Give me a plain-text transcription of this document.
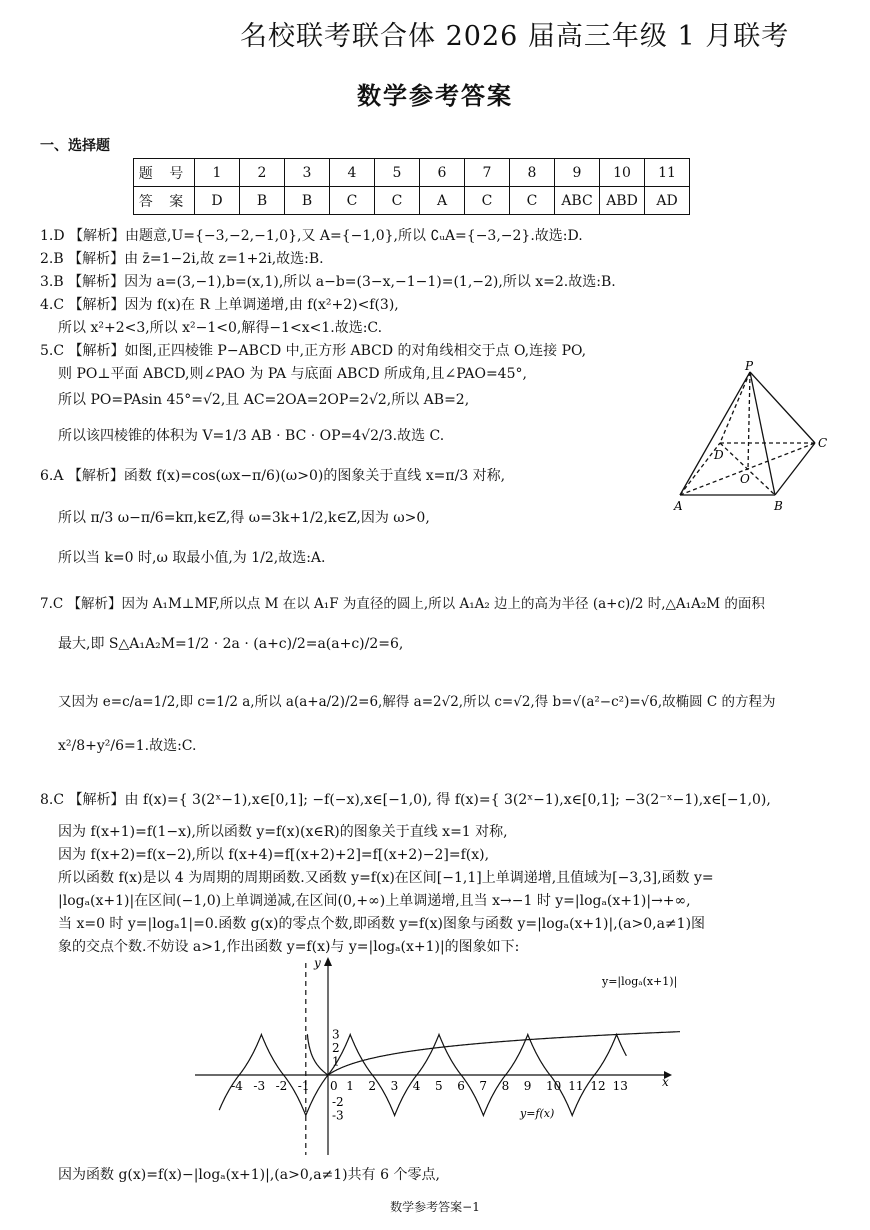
名校联考联合体 2026 届高三年级 1 月联考
数学参考答案
一、选择题
题 号	1	2	3	4	5	6	7	8	9	10	11
答 案	D	B	B	C	C	A	C	C	ABC	ABD	AD
1.D 【解析】由题意,U={−3,−2,−1,0},又 A={−1,0},所以 ∁ᵤA={−3,−2}.故选:D.
2.B 【解析】由 z̄=1−2i,故 z=1+2i,故选:B.
3.B 【解析】因为 a=(3,−1),b=(x,1),所以 a−b=(3−x,−1−1)=(1,−2),所以 x=2.故选:B.
4.C 【解析】因为 f(x)在 R 上单调递增,由 f(x²+2)<f(3),
所以 x²+2<3,所以 x²−1<0,解得−1<x<1.故选:C.
5.C 【解析】如图,正四棱锥 P−ABCD 中,正方形 ABCD 的对角线相交于点 O,连接 PO,
则 PO⊥平面 ABCD,则∠PAO 为 PA 与底面 ABCD 所成角,且∠PAO=45°,
所以 PO=PAsin 45°=√2,且 AC=2OA=2OP=2√2,所以 AB=2,
所以该四棱锥的体积为 V=1/3 AB · BC · OP=4√2/3.故选 C.
6.A 【解析】函数 f(x)=cos(ωx−π/6)(ω>0)的图象关于直线 x=π/3 对称,
所以 π/3 ω−π/6=kπ,k∈Z,得 ω=3k+1/2,k∈Z,因为 ω>0,
所以当 k=0 时,ω 取最小值,为 1/2,故选:A.
7.C 【解析】因为 A₁M⊥MF,所以点 M 在以 A₁F 为直径的圆上,所以 A₁A₂ 边上的高为半径 (a+c)/2 时,△A₁A₂M 的面积
最大,即 S△A₁A₂M=1/2 · 2a · (a+c)/2=a(a+c)/2=6,
又因为 e=c/a=1/2,即 c=1/2 a,所以 a(a+a/2)/2=6,解得 a=2√2,所以 c=√2,得 b=√(a²−c²)=√6,故椭圆 C 的方程为
x²/8+y²/6=1.故选:C.
8.C 【解析】由 f(x)={ 3(2ˣ−1),x∈[0,1]; −f(−x),x∈[−1,0), 得 f(x)={ 3(2ˣ−1),x∈[0,1]; −3(2⁻ˣ−1),x∈[−1,0),
因为 f(x+1)=f(1−x),所以函数 y=f(x)(x∈R)的图象关于直线 x=1 对称,
因为 f(x+2)=f(x−2),所以 f(x+4)=f[(x+2)+2]=f[(x+2)−2]=f(x),
所以函数 f(x)是以 4 为周期的周期函数.又函数 y=f(x)在区间[−1,1]上单调递增,且值域为[−3,3],函数 y=
|logₐ(x+1)|在区间(−1,0)上单调递减,在区间(0,+∞)上单调递增,且当 x→−1 时 y=|logₐ(x+1)|→+∞,
当 x=0 时 y=|logₐ1|=0.函数 g(x)的零点个数,即函数 y=f(x)图象与函数 y=|logₐ(x+1)|,(a>0,a≠1)图
象的交点个数.不妨设 a>1,作出函数 y=f(x)与 y=|logₐ(x+1)|的图象如下:
因为函数 g(x)=f(x)−|logₐ(x+1)|,(a>0,a≠1)共有 6 个零点,
P
C
D
O
A	B
x
y
y=|logₐ(x+1)|
y=f(x)
-4 -3 -2 -1 0 1 2 3 4 5 6 7 8 9 10 11 12 13
3
2
1
-2
-3
数学参考答案−1
